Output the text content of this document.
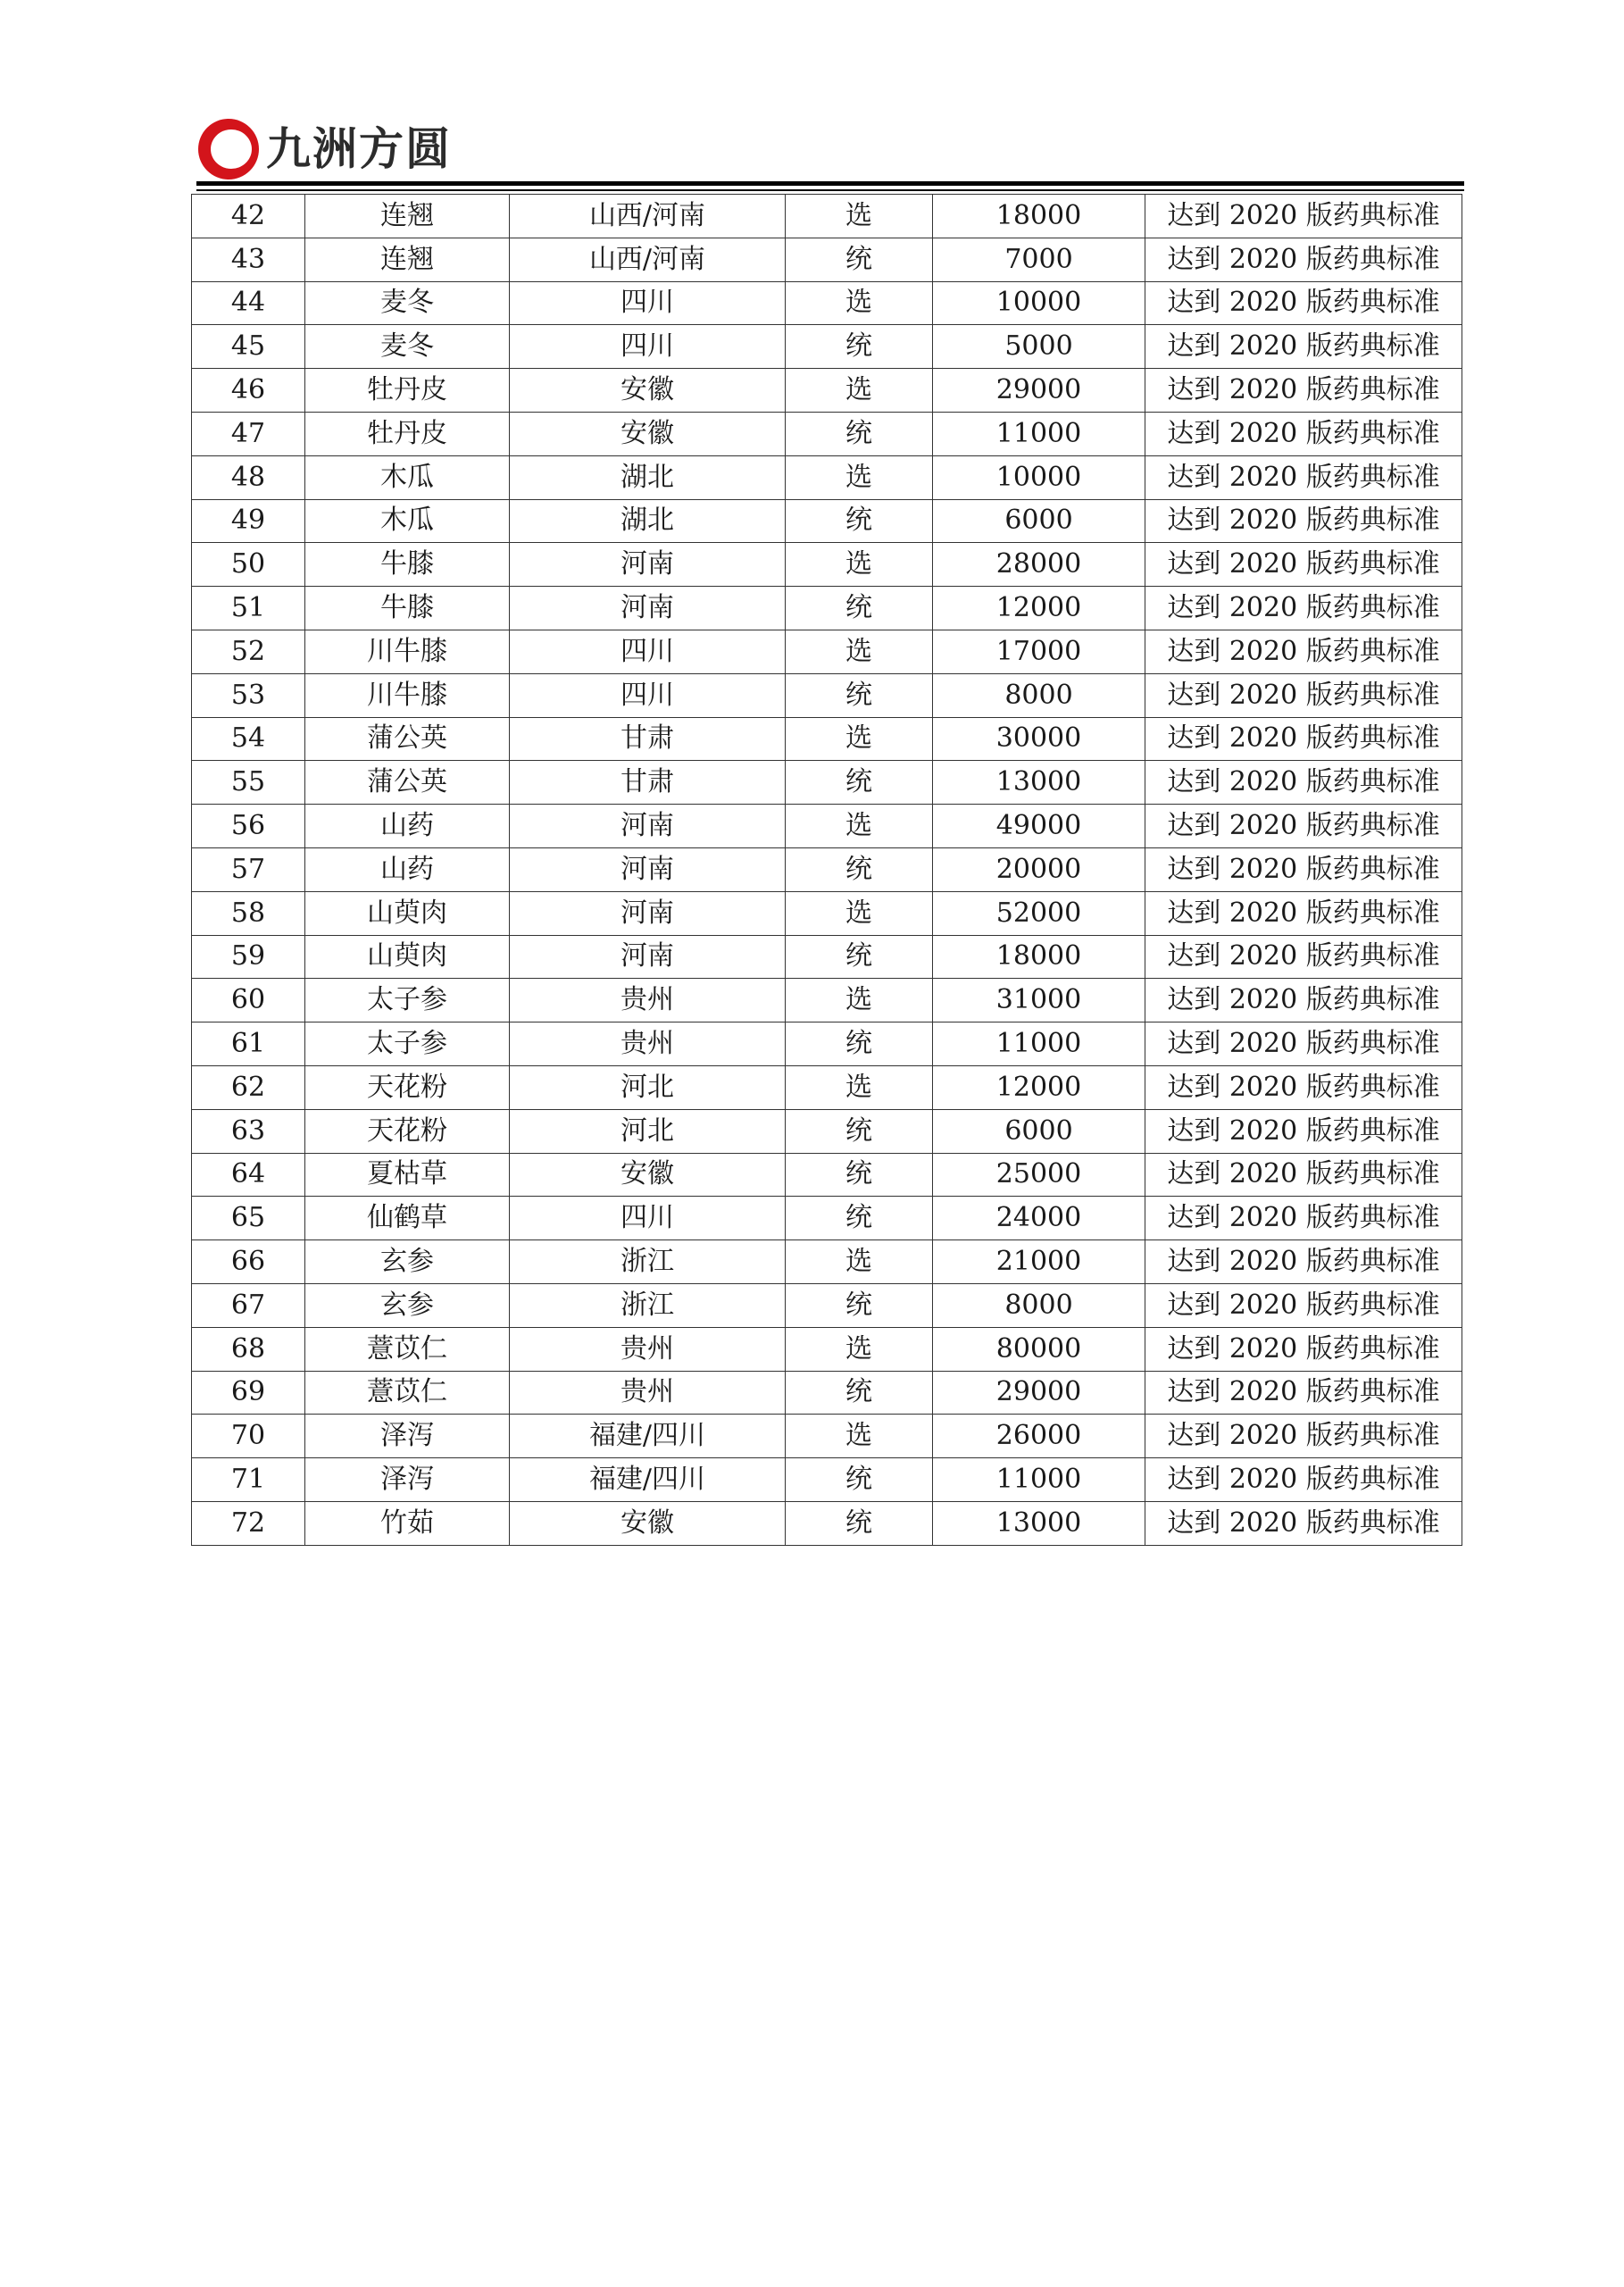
九洲方圆
42	连翘	山西/河南	选	18000	达到 2020 版药典标准
43	连翘	山西/河南	统	7000	达到 2020 版药典标准
44	麦冬	四川	选	10000	达到 2020 版药典标准
45	麦冬	四川	统	5000	达到 2020 版药典标准
46	牡丹皮	安徽	选	29000	达到 2020 版药典标准
47	牡丹皮	安徽	统	11000	达到 2020 版药典标准
48	木瓜	湖北	选	10000	达到 2020 版药典标准
49	木瓜	湖北	统	6000	达到 2020 版药典标准
50	牛膝	河南	选	28000	达到 2020 版药典标准
51	牛膝	河南	统	12000	达到 2020 版药典标准
52	川牛膝	四川	选	17000	达到 2020 版药典标准
53	川牛膝	四川	统	8000	达到 2020 版药典标准
54	蒲公英	甘肃	选	30000	达到 2020 版药典标准
55	蒲公英	甘肃	统	13000	达到 2020 版药典标准
56	山药	河南	选	49000	达到 2020 版药典标准
57	山药	河南	统	20000	达到 2020 版药典标准
58	山萸肉	河南	选	52000	达到 2020 版药典标准
59	山萸肉	河南	统	18000	达到 2020 版药典标准
60	太子参	贵州	选	31000	达到 2020 版药典标准
61	太子参	贵州	统	11000	达到 2020 版药典标准
62	天花粉	河北	选	12000	达到 2020 版药典标准
63	天花粉	河北	统	6000	达到 2020 版药典标准
64	夏枯草	安徽	统	25000	达到 2020 版药典标准
65	仙鹤草	四川	统	24000	达到 2020 版药典标准
66	玄参	浙江	选	21000	达到 2020 版药典标准
67	玄参	浙江	统	8000	达到 2020 版药典标准
68	薏苡仁	贵州	选	80000	达到 2020 版药典标准
69	薏苡仁	贵州	统	29000	达到 2020 版药典标准
70	泽泻	福建/四川	选	26000	达到 2020 版药典标准
71	泽泻	福建/四川	统	11000	达到 2020 版药典标准
72	竹茹	安徽	统	13000	达到 2020 版药典标准
